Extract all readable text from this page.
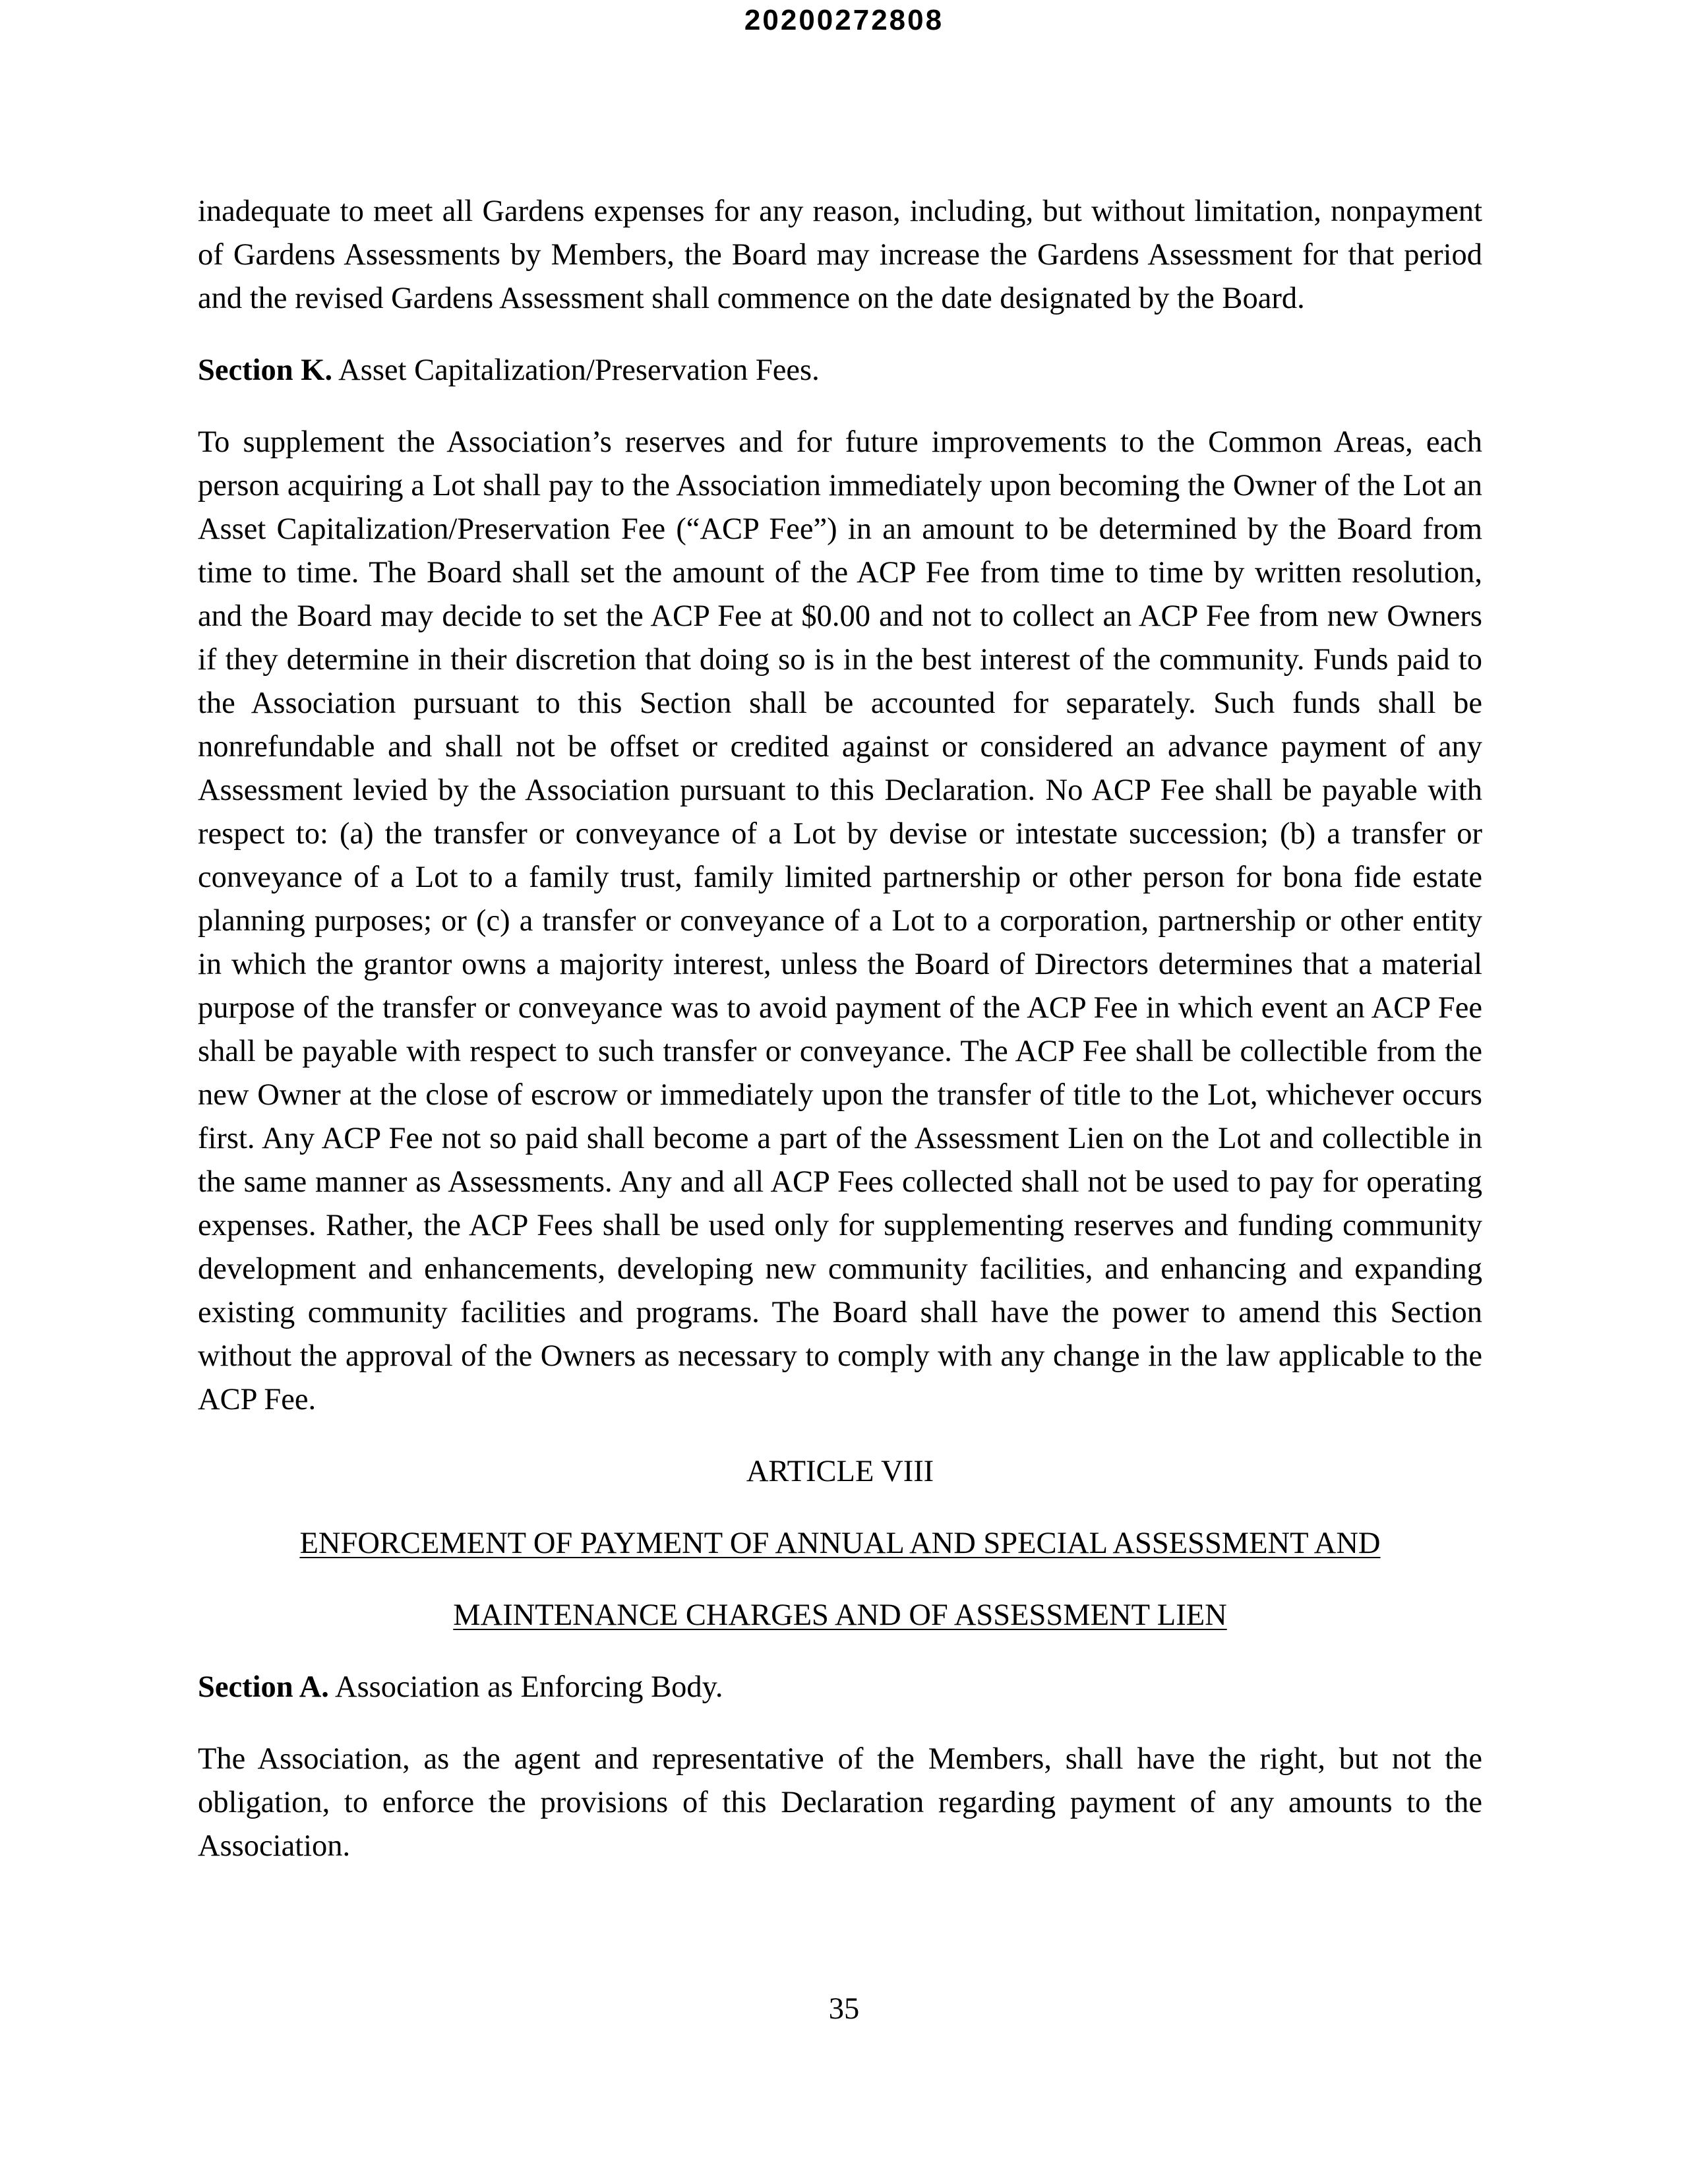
20200272808

inadequate to meet all Gardens expenses for any reason, including, but without limitation, nonpayment of Gardens Assessments by Members, the Board may increase the Gardens Assessment for that period and the revised Gardens Assessment shall commence on the date designated by the Board.

Section K. Asset Capitalization/Preservation Fees.

To supplement the Association’s reserves and for future improvements to the Common Areas, each person acquiring a Lot shall pay to the Association immediately upon becoming the Owner of the Lot an Asset Capitalization/Preservation Fee (“ACP Fee”) in an amount to be determined by the Board from time to time. The Board shall set the amount of the ACP Fee from time to time by written resolution, and the Board may decide to set the ACP Fee at $0.00 and not to collect an ACP Fee from new Owners if they determine in their discretion that doing so is in the best interest of the community. Funds paid to the Association pursuant to this Section shall be accounted for separately. Such funds shall be nonrefundable and shall not be offset or credited against or considered an advance payment of any Assessment levied by the Association pursuant to this Declaration. No ACP Fee shall be payable with respect to: (a) the transfer or conveyance of a Lot by devise or intestate succession; (b) a transfer or conveyance of a Lot to a family trust, family limited partnership or other person for bona fide estate planning purposes; or (c) a transfer or conveyance of a Lot to a corporation, partnership or other entity in which the grantor owns a majority interest, unless the Board of Directors determines that a material purpose of the transfer or conveyance was to avoid payment of the ACP Fee in which event an ACP Fee shall be payable with respect to such transfer or conveyance. The ACP Fee shall be collectible from the new Owner at the close of escrow or immediately upon the transfer of title to the Lot, whichever occurs first. Any ACP Fee not so paid shall become a part of the Assessment Lien on the Lot and collectible in the same manner as Assessments. Any and all ACP Fees collected shall not be used to pay for operating expenses. Rather, the ACP Fees shall be used only for supplementing reserves and funding community development and enhancements, developing new community facilities, and enhancing and expanding existing community facilities and programs. The Board shall have the power to amend this Section without the approval of the Owners as necessary to comply with any change in the law applicable to the ACP Fee.

ARTICLE VIII

ENFORCEMENT OF PAYMENT OF ANNUAL AND SPECIAL ASSESSMENT AND

MAINTENANCE CHARGES AND OF ASSESSMENT LIEN

Section A. Association as Enforcing Body.

The Association, as the agent and representative of the Members, shall have the right, but not the obligation, to enforce the provisions of this Declaration regarding payment of any amounts to the Association.

35
